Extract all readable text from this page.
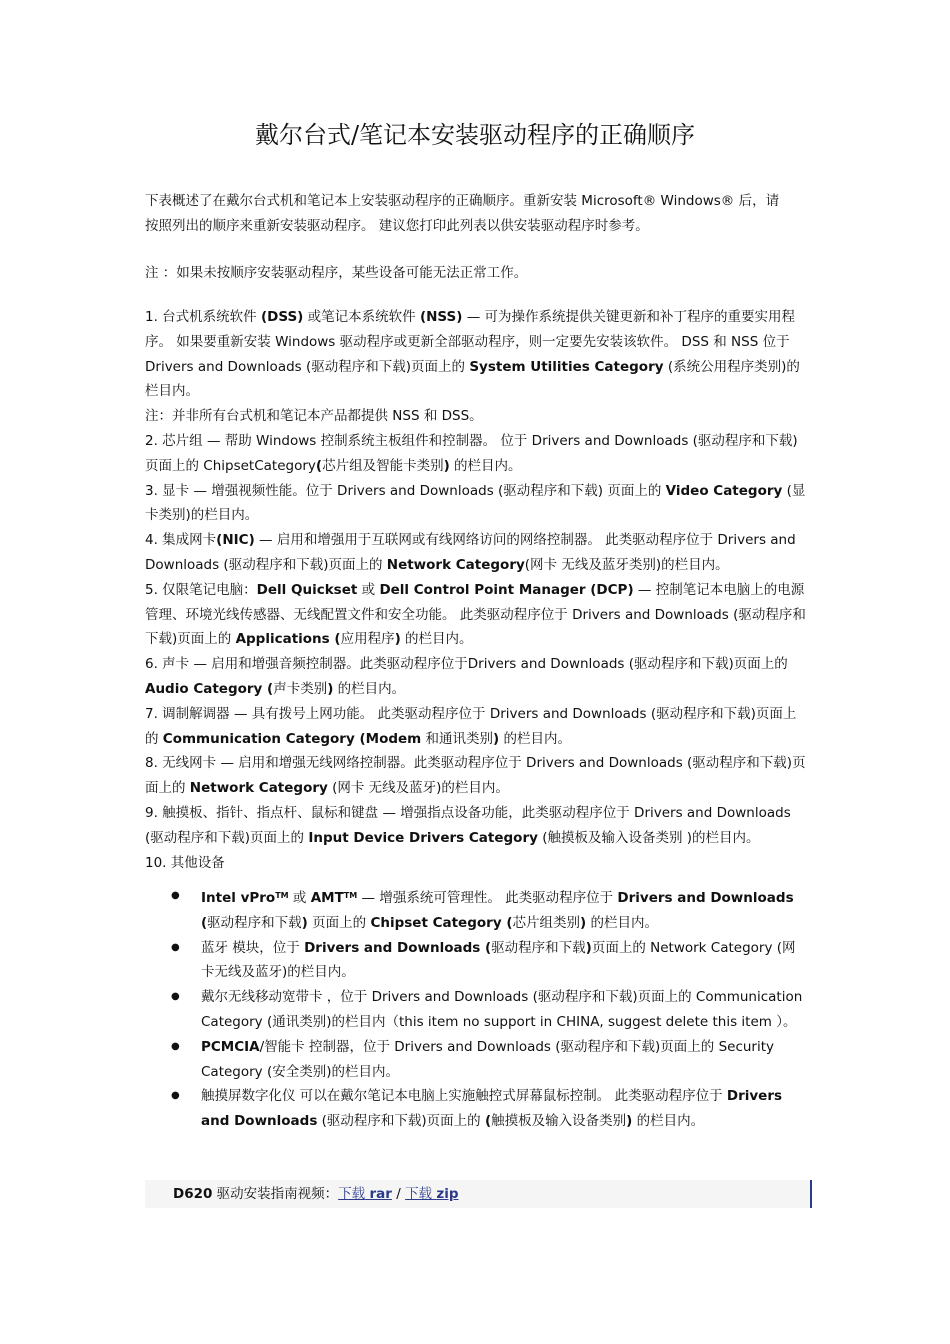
戴尔台式/笔记本安装驱动程序的正确顺序

下表概述了在戴尔台式机和笔记本上安装驱动程序的正确顺序。重新安装 Microsoft® Windows® 后，请
按照列出的顺序来重新安装驱动程序。 建议您打印此列表以供安装驱动程序时参考。

注 ：如果未按顺序安装驱动程序，某些设备可能无法正常工作。

1. 台式机系统软件 (DSS) 或笔记本系统软件 (NSS) — 可为操作系统提供关键更新和补丁程序的重要实用程序。 如果要重新安装 Windows 驱动程序或更新全部驱动程序，则一定要先安装该软件。 DSS 和 NSS 位于 Drivers and Downloads (驱动程序和下载)页面上的 System Utilities Category (系统公用程序类别)的栏目内。
注：并非所有台式机和笔记本产品都提供 NSS 和 DSS。
2. 芯片组 — 帮助 Windows 控制系统主板组件和控制器。 位于 Drivers and Downloads (驱动程序和下载)页面上的 ChipsetCategory(芯片组及智能卡类别) 的栏目内。
3. 显卡 — 增强视频性能。位于 Drivers and Downloads (驱动程序和下载) 页面上的 Video Category (显卡类别)的栏目内。
4. 集成网卡(NIC) — 启用和增强用于互联网或有线网络访问的网络控制器。 此类驱动程序位于 Drivers and Downloads (驱动程序和下载)页面上的 Network Category(网卡 无线及蓝牙类别)的栏目内。
5. 仅限笔记电脑：Dell Quickset 或 Dell Control Point Manager (DCP) — 控制笔记本电脑上的电源管理、环境光线传感器、无线配置文件和安全功能。 此类驱动程序位于 Drivers and Downloads (驱动程序和下载)页面上的 Applications (应用程序) 的栏目内。
6. 声卡 — 启用和增强音频控制器。此类驱动程序位于Drivers and Downloads (驱动程序和下载)页面上的 Audio Category (声卡类别) 的栏目内。
7. 调制解调器 — 具有拨号上网功能。 此类驱动程序位于 Drivers and Downloads (驱动程序和下载)页面上的 Communication Category (Modem 和通讯类别) 的栏目内。
8. 无线网卡 — 启用和增强无线网络控制器。此类驱动程序位于 Drivers and Downloads (驱动程序和下载)页面上的 Network Category (网卡 无线及蓝牙)的栏目内。
9. 触摸板、指针、指点杆、鼠标和键盘 — 增强指点设备功能，此类驱动程序位于 Drivers and Downloads (驱动程序和下载)页面上的 Input Device Drivers Category (触摸板及输入设备类别 )的栏目内。
10. 其他设备

● Intel vPro™ 或 AMT™ — 增强系统可管理性。 此类驱动程序位于 Drivers and Downloads (驱动程序和下载) 页面上的 Chipset Category (芯片组类别) 的栏目内。
● 蓝牙 模块，位于 Drivers and Downloads (驱动程序和下载)页面上的 Network Category (网卡无线及蓝牙)的栏目内。
● 戴尔无线移动宽带卡 ，位于 Drivers and Downloads (驱动程序和下载)页面上的 Communication Category (通讯类别)的栏目内（this item no support in CHINA, suggest delete this item ）。
● PCMCIA/智能卡 控制器，位于 Drivers and Downloads (驱动程序和下载)页面上的 Security Category (安全类别)的栏目内。
● 触摸屏数字化仪 可以在戴尔笔记本电脑上实施触控式屏幕鼠标控制。 此类驱动程序位于 Drivers and Downloads (驱动程序和下载)页面上的 (触摸板及输入设备类别) 的栏目内。
D620 驱动安装指南视频：下载 rar / 下载 zip
